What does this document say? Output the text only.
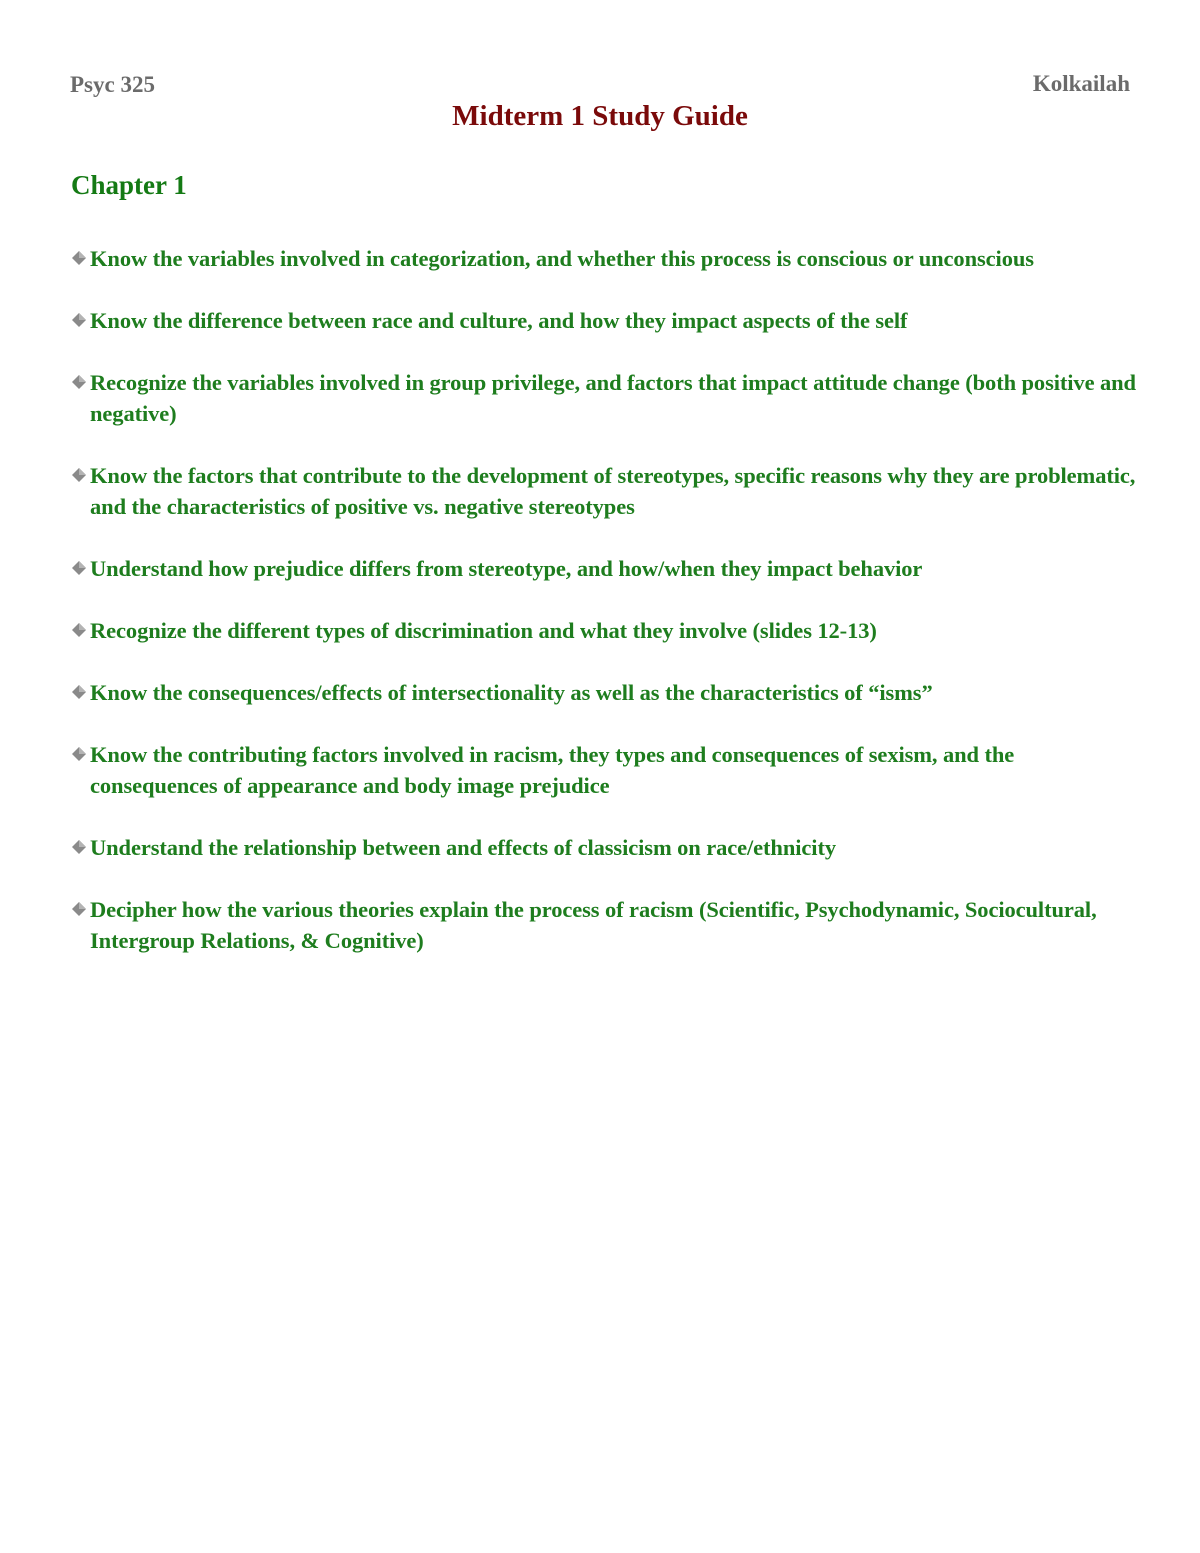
Psyc 325	Kolkailah
Midterm 1 Study Guide
Chapter 1
Know the variables involved in categorization, and whether this process is conscious or unconscious
Know the difference between race and culture, and how they impact aspects of the self
Recognize the variables involved in group privilege, and factors that impact attitude change (both positive and negative)
Know the factors that contribute to the development of stereotypes, specific reasons why they are problematic, and the characteristics of positive vs. negative stereotypes
Understand how prejudice differs from stereotype, and how/when they impact behavior
Recognize the different types of discrimination and what they involve (slides 12-13)
Know the consequences/effects of intersectionality as well as the characteristics of “isms”
Know the contributing factors involved in racism, they types and consequences of sexism, and the consequences of appearance and body image prejudice
Understand the relationship between and effects of classicism on race/ethnicity
Decipher how the various theories explain the process of racism (Scientific, Psychodynamic, Sociocultural, Intergroup Relations, & Cognitive)
